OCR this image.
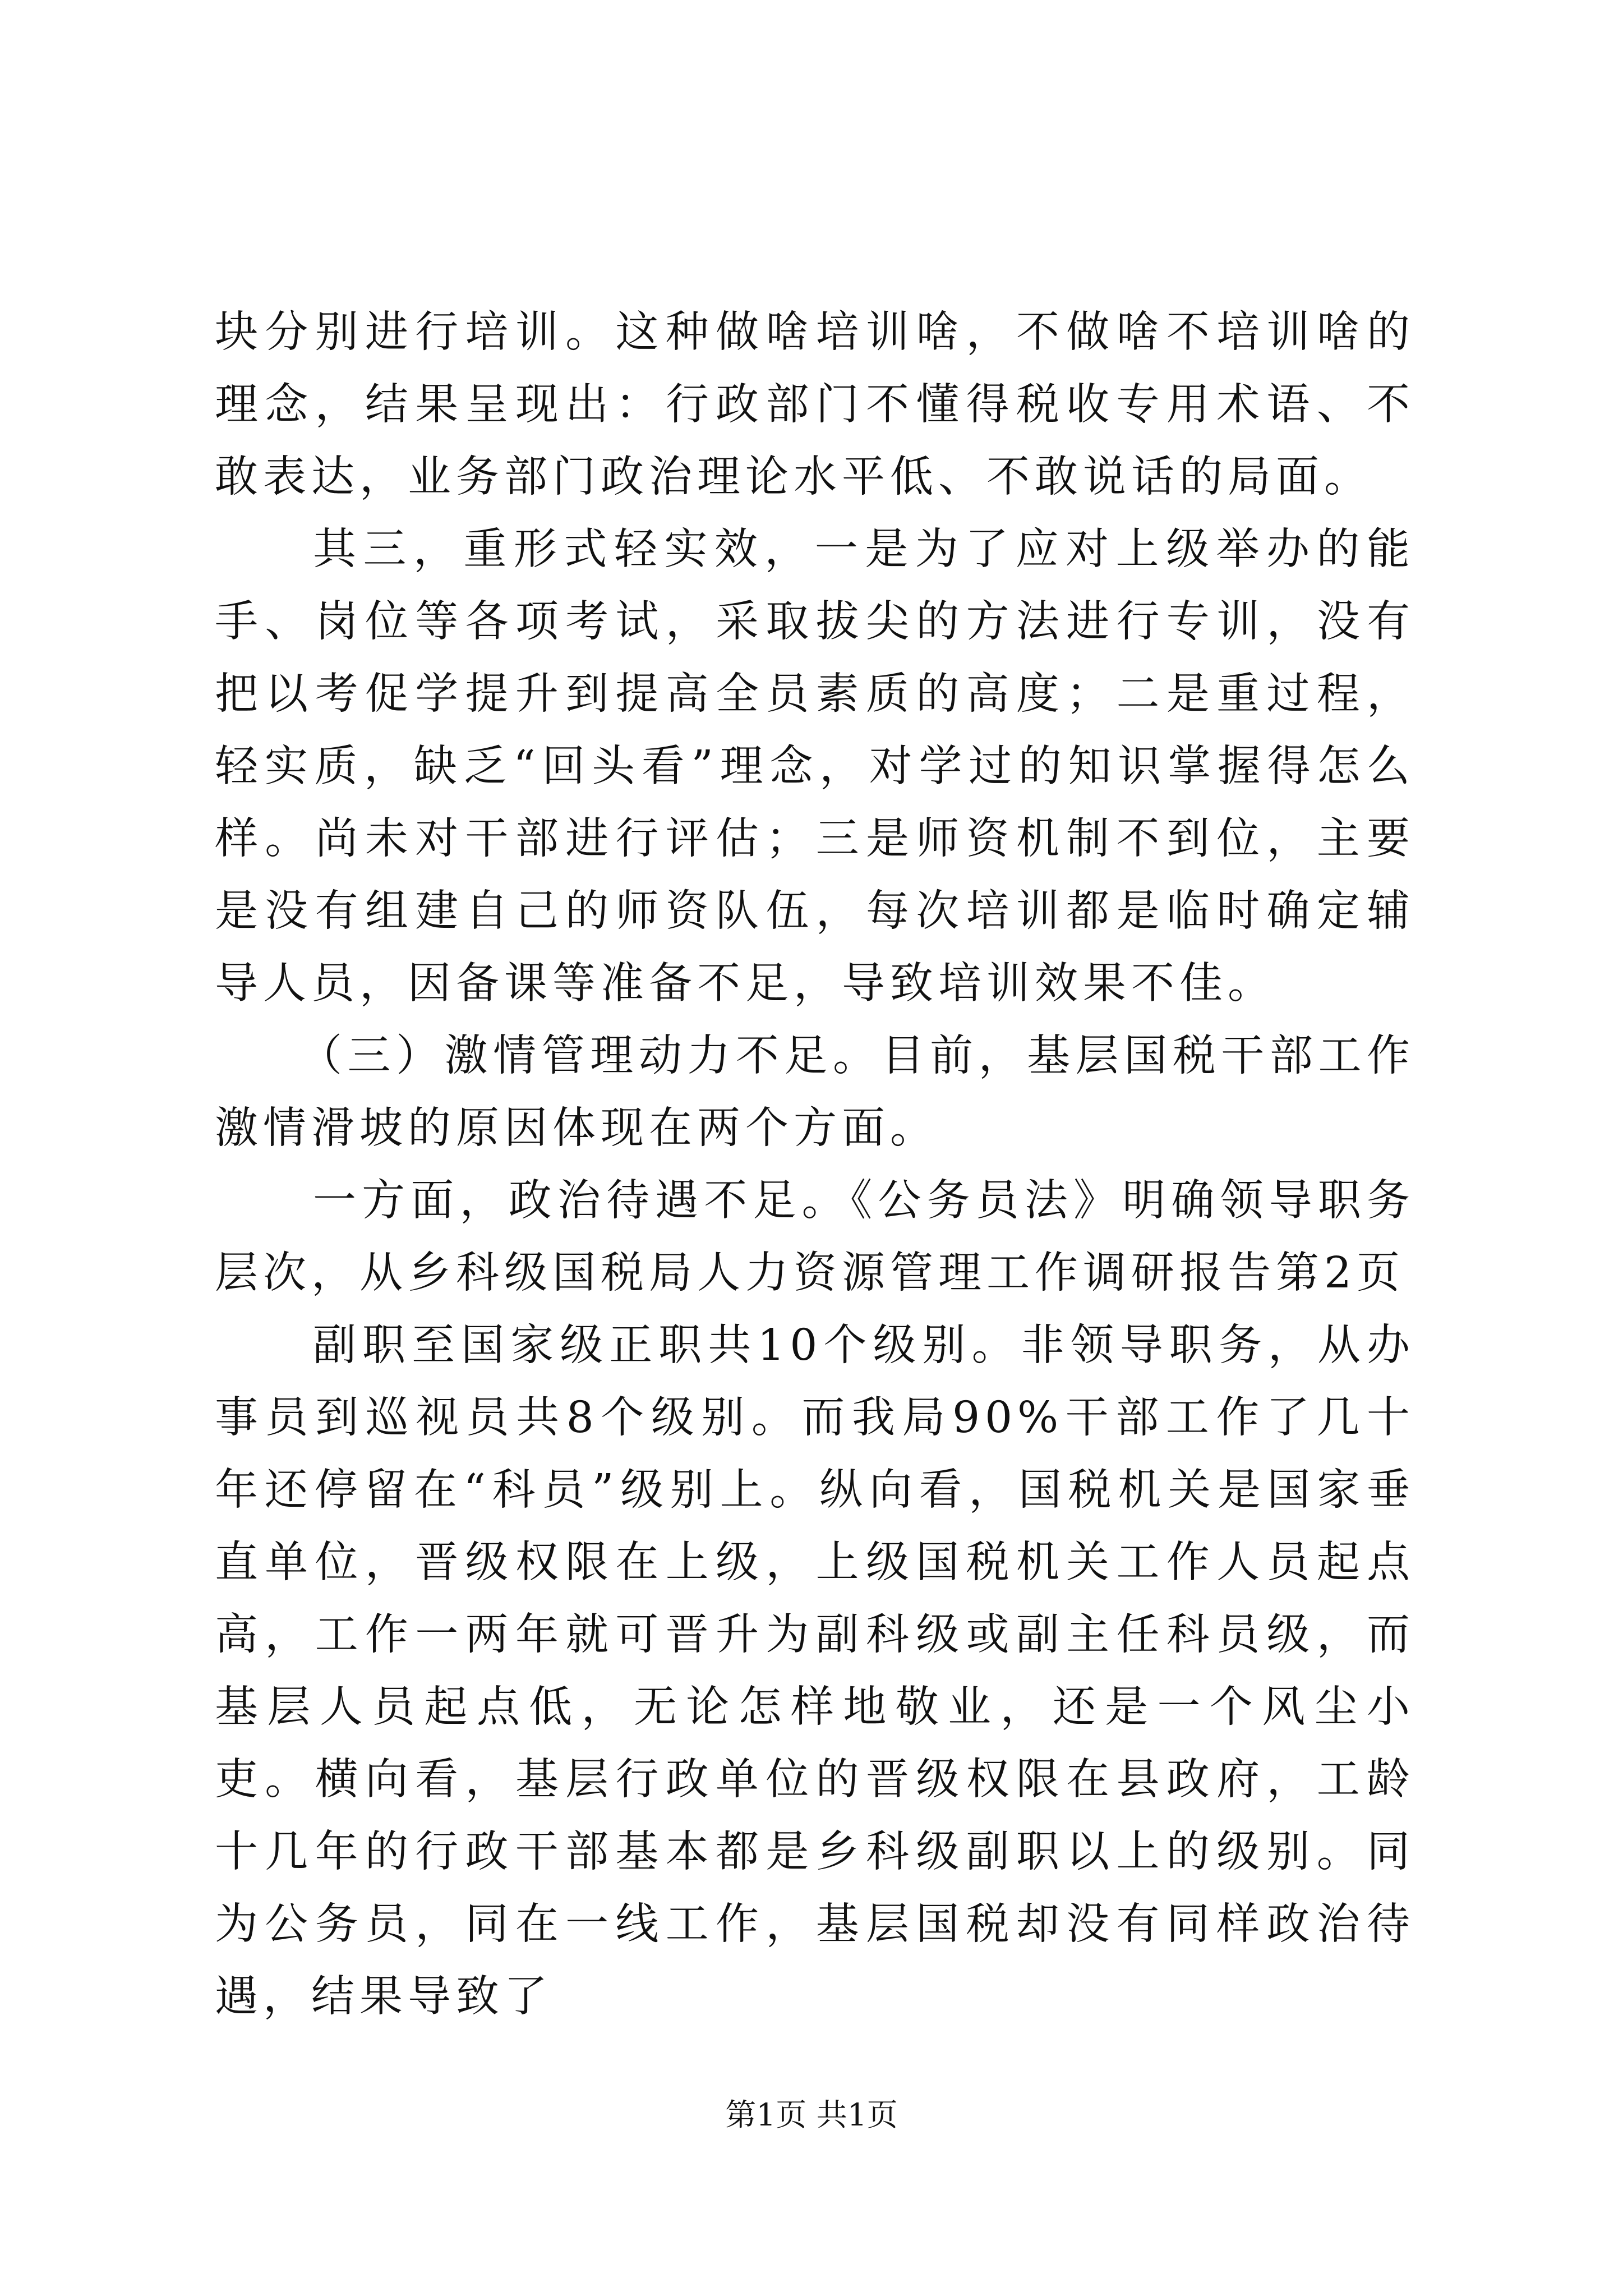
块分别进行培训。这种做啥培训啥，不做啥不培训啥的理念，结果呈现出：行政部门不懂得税收专用术语、不敢表达，业务部门政治理论水平低、不敢说话的局面。

其三，重形式轻实效，一是为了应对上级举办的能手、岗位等各项考试，采取拔尖的方法进行专训，没有把以考促学提升到提高全员素质的高度；二是重过程，轻实质，缺乏“回头看”理念，对学过的知识掌握得怎么样。尚未对干部进行评估；三是师资机制不到位，主要是没有组建自己的师资队伍，每次培训都是临时确定辅导人员，因备课等准备不足，导致培训效果不佳。

（三）激情管理动力不足。目前，基层国税干部工作激情滑坡的原因体现在两个方面。

一方面，政治待遇不足。《公务员法》明确领导职务层次，从乡科级国税局人力资源管理工作调研报告第2页

副职至国家级正职共10个级别。非领导职务，从办事员到巡视员共8个级别。而我局90%干部工作了几十年还停留在“科员”级别上。纵向看，国税机关是国家垂直单位，晋级权限在上级，上级国税机关工作人员起点高，工作一两年就可晋升为副科级或副主任科员级，而基层人员起点低，无论怎样地敬业，还是一个风尘小吏。横向看，基层行政单位的晋级权限在县政府，工龄十几年的行政干部基本都是乡科级副职以上的级别。同为公务员，同在一线工作，基层国税却没有同样政治待遇，结果导致了

第1页 共1页
